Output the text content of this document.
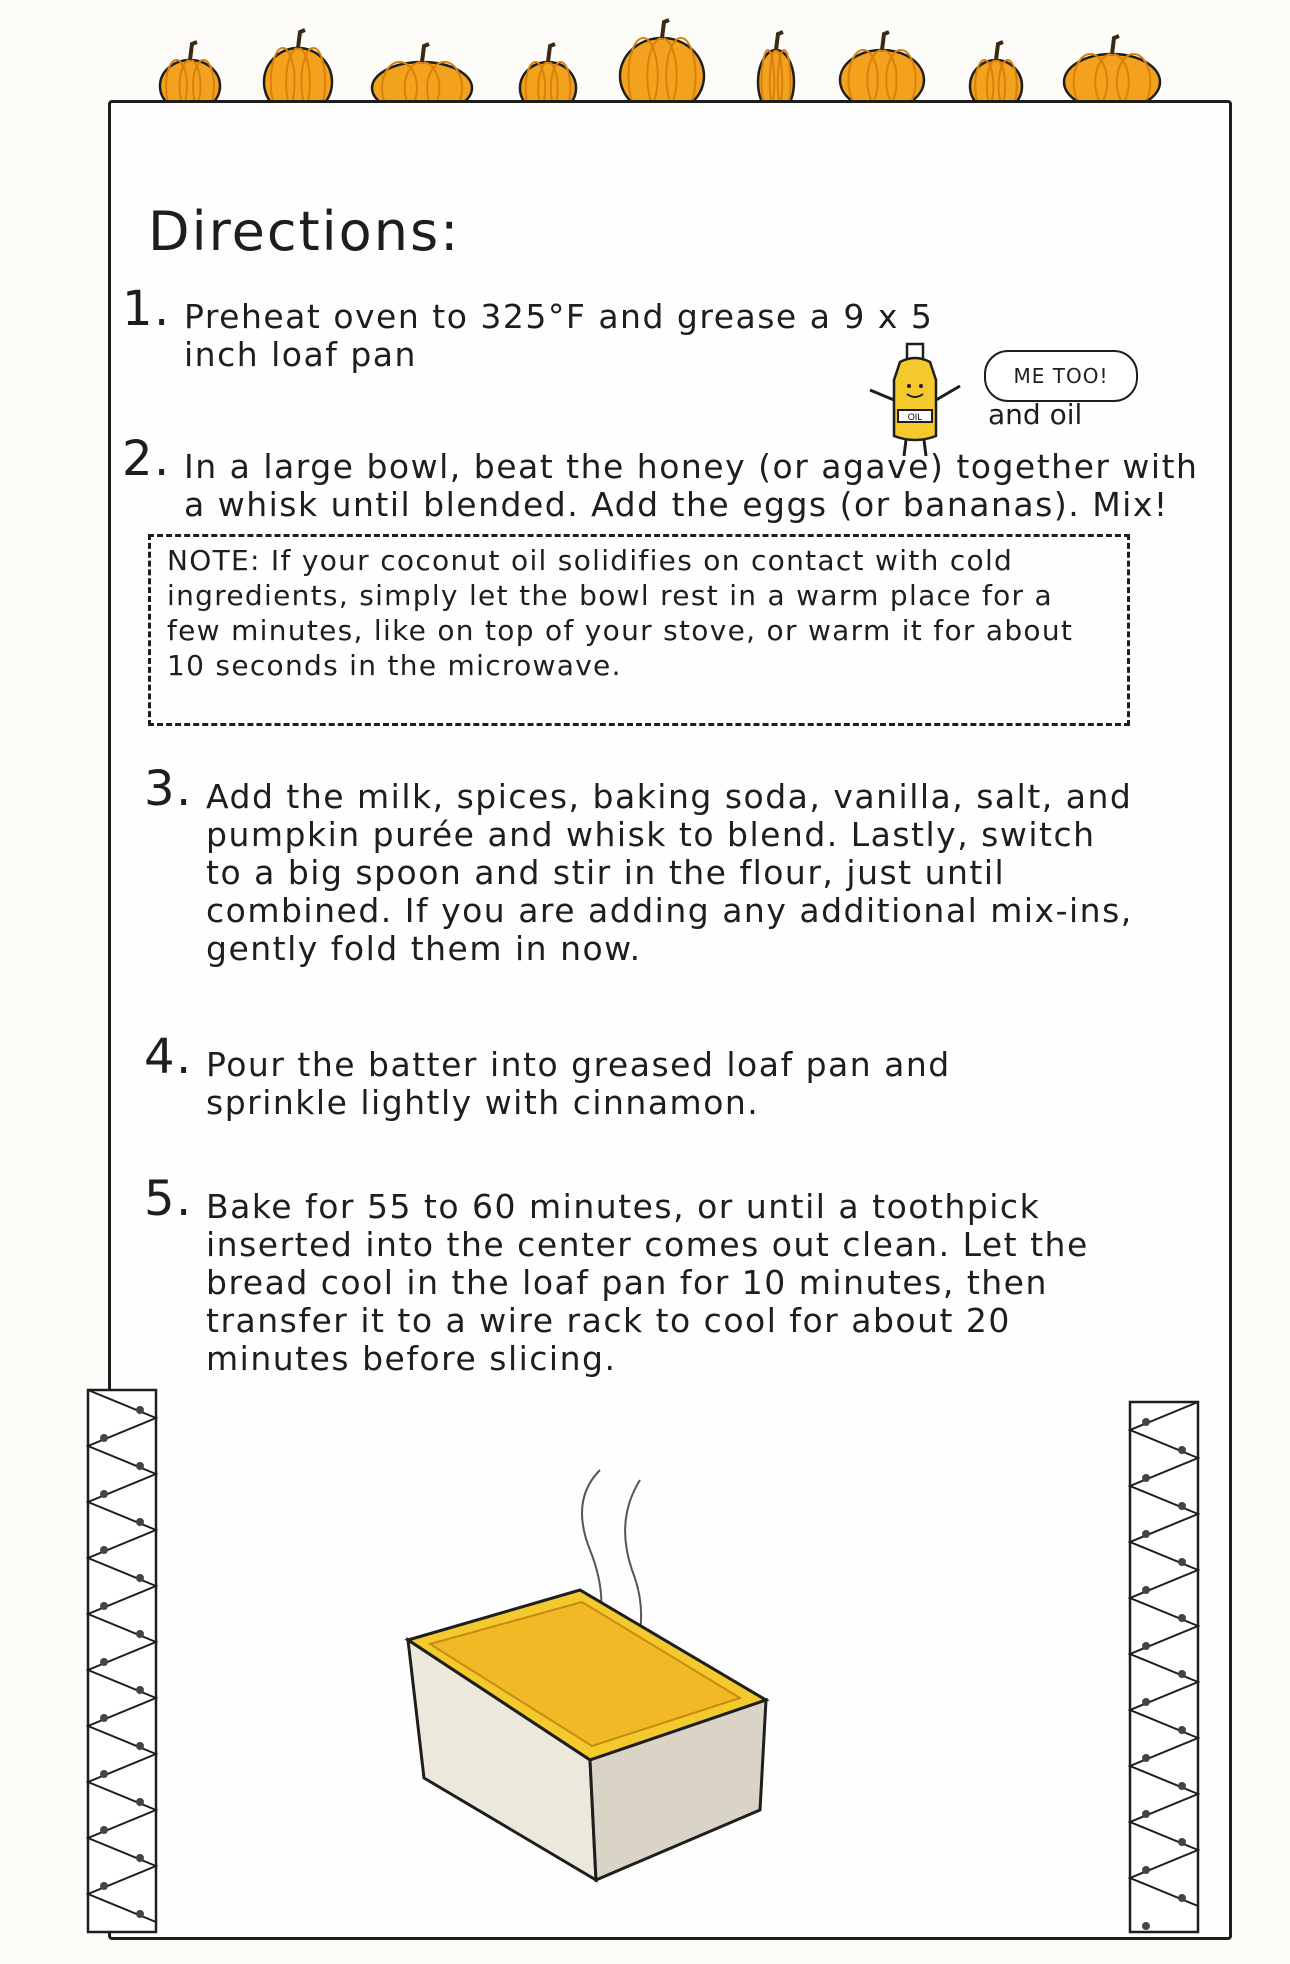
Directions:
1. Preheat oven to 325°F and grease a 9 x 5 inch loaf pan
OIL
ME TOO!
and oil
2. In a large bowl, beat the honey (or agave) together with a whisk until blended. Add the eggs (or bananas). Mix!
NOTE: If your coconut oil solidifies on contact with cold ingredients, simply let the bowl rest in a warm place for a few minutes, like on top of your stove, or warm it for about 10 seconds in the microwave.
3. Add the milk, spices, baking soda, vanilla, salt, and pumpkin purée and whisk to blend. Lastly, switch to a big spoon and stir in the flour, just until combined. If you are adding any additional mix-ins, gently fold them in now.
4. Pour the batter into greased loaf pan and sprinkle lightly with cinnamon.
5. Bake for 55 to 60 minutes, or until a toothpick inserted into the center comes out clean. Let the bread cool in the loaf pan for 10 minutes, then transfer it to a wire rack to cool for about 20 minutes before slicing.
